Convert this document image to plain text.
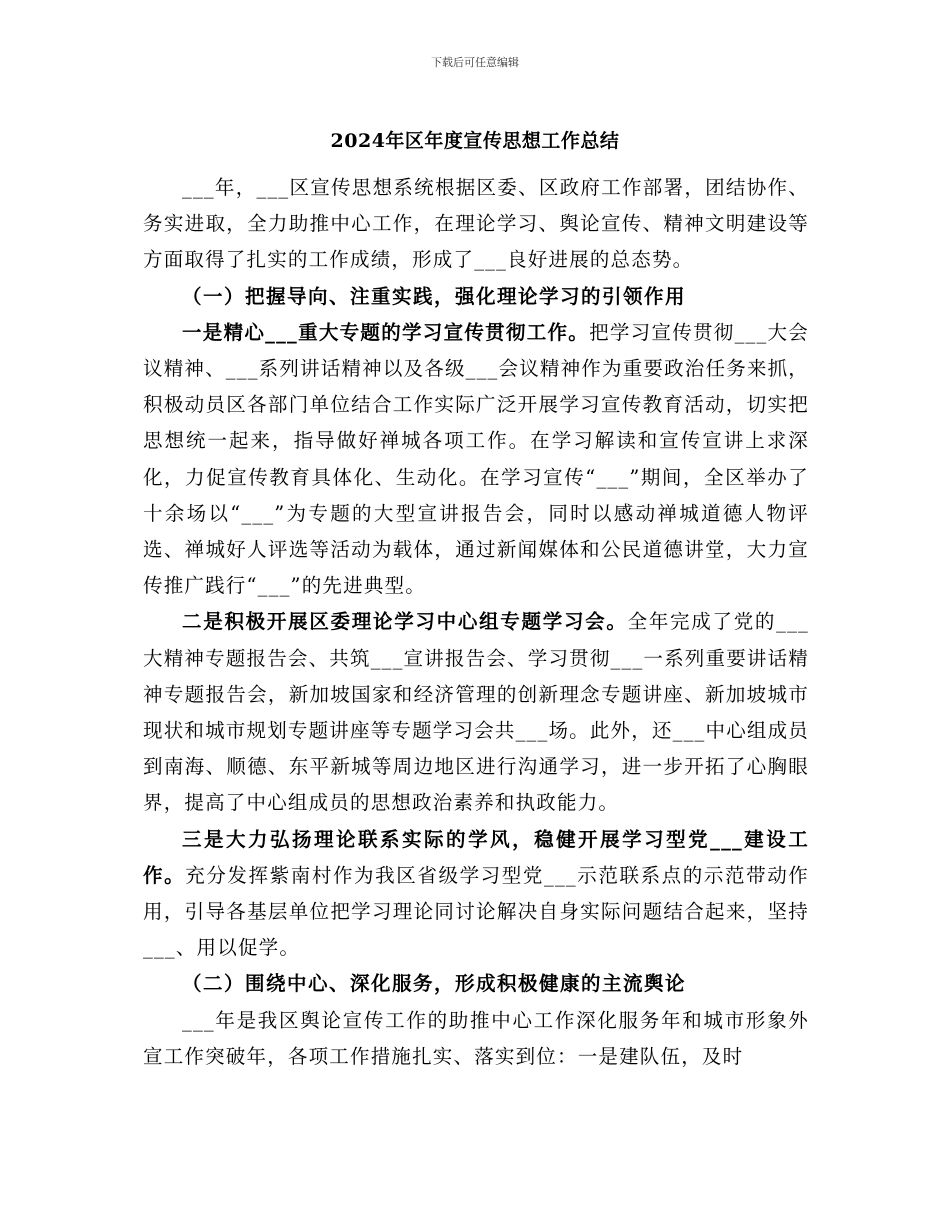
下载后可任意编辑
2024年区年度宣传思想工作总结

___年，___区宣传思想系统根据区委、区政府工作部署，团结协作、务实进取，全力助推中心工作，在理论学习、舆论宣传、精神文明建设等方面取得了扎实的工作成绩，形成了___良好进展的总态势。

（一）把握导向、注重实践，强化理论学习的引领作用

一是精心___重大专题的学习宣传贯彻工作。把学习宣传贯彻___大会议精神、___系列讲话精神以及各级___会议精神作为重要政治任务来抓，积极动员区各部门单位结合工作实际广泛开展学习宣传教育活动，切实把思想统一起来，指导做好禅城各项工作。在学习解读和宣传宣讲上求深化，力促宣传教育具体化、生动化。在学习宣传“___”期间，全区举办了十余场以“___”为专题的大型宣讲报告会，同时以感动禅城道德人物评选、禅城好人评选等活动为载体，通过新闻媒体和公民道德讲堂，大力宣传推广践行“___”的先进典型。

二是积极开展区委理论学习中心组专题学习会。全年完成了党的___大精神专题报告会、共筑___宣讲报告会、学习贯彻___一系列重要讲话精神专题报告会，新加坡国家和经济管理的创新理念专题讲座、新加坡城市现状和城市规划专题讲座等专题学习会共___场。此外，还___中心组成员到南海、顺德、东平新城等周边地区进行沟通学习，进一步开拓了心胸眼界，提高了中心组成员的思想政治素养和执政能力。

三是大力弘扬理论联系实际的学风，稳健开展学习型党___建设工作。充分发挥紫南村作为我区省级学习型党___示范联系点的示范带动作用，引导各基层单位把学习理论同讨论解决自身实际问题结合起来，坚持___、用以促学。

（二）围绕中心、深化服务，形成积极健康的主流舆论

___年是我区舆论宣传工作的助推中心工作深化服务年和城市形象外宣工作突破年，各项工作措施扎实、落实到位：一是建队伍，及时
